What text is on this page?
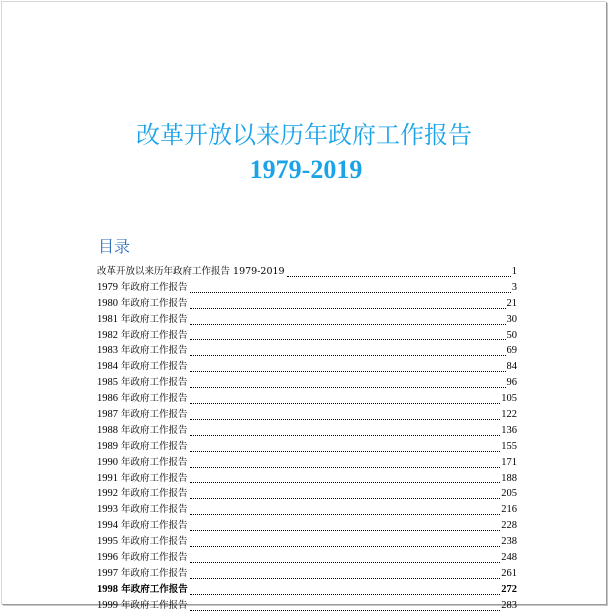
改革开放以来历年政府工作报告
1979-2019
目录
改革开放以来历年政府工作报告 1979-2019	1
1979 年政府工作报告	3
1980 年政府工作报告	21
1981 年政府工作报告	30
1982 年政府工作报告	50
1983 年政府工作报告	69
1984 年政府工作报告	84
1985 年政府工作报告	96
1986 年政府工作报告	105
1987 年政府工作报告	122
1988 年政府工作报告	136
1989 年政府工作报告	155
1990 年政府工作报告	171
1991 年政府工作报告	188
1992 年政府工作报告	205
1993 年政府工作报告	216
1994 年政府工作报告	228
1995 年政府工作报告	238
1996 年政府工作报告	248
1997 年政府工作报告	261
1998 年政府工作报告	272
1999 年政府工作报告	283
